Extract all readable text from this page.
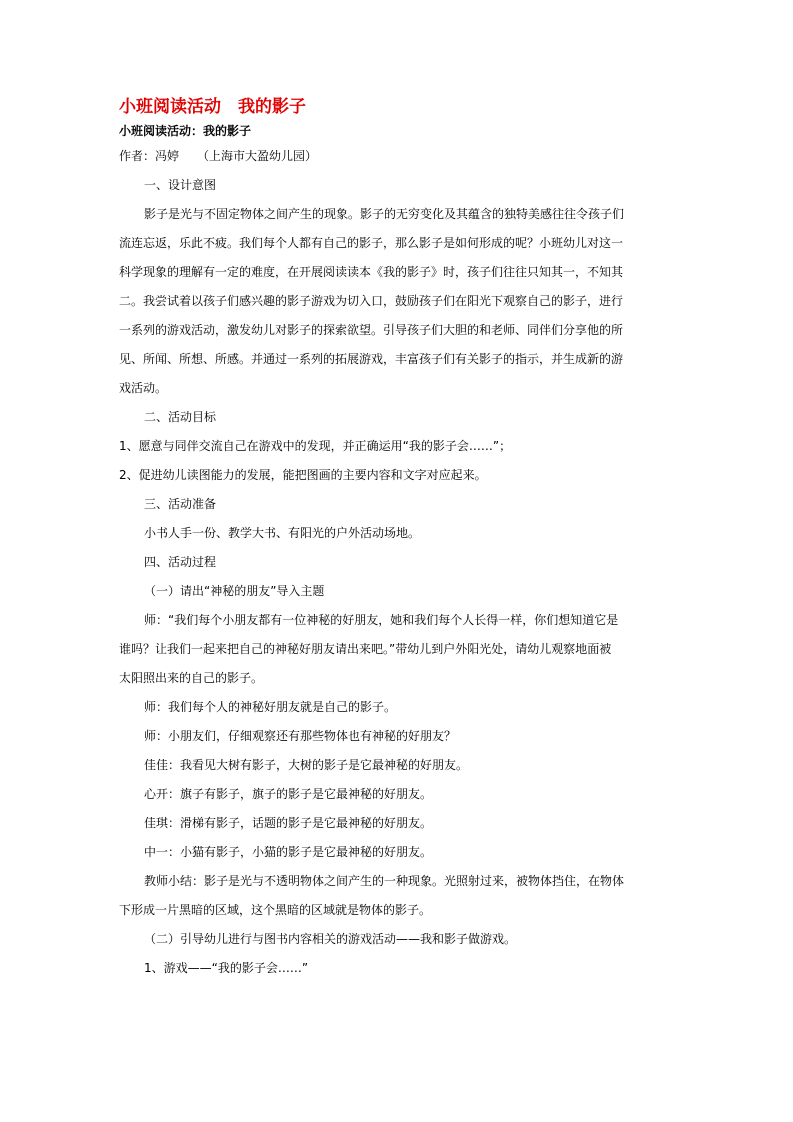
小班阅读活动　我的影子
小班阅读活动：我的影子
作者：冯婷　　（上海市大盈幼儿园）
一、设计意图
影子是光与不固定物体之间产生的现象。影子的无穷变化及其蕴含的独特美感往往令孩子们
流连忘返，乐此不疲。我们每个人都有自己的影子，那么影子是如何形成的呢？小班幼儿对这一
科学现象的理解有一定的难度，在开展阅读读本《我的影子》时，孩子们往往只知其一，不知其
二。我尝试着以孩子们感兴趣的影子游戏为切入口，鼓励孩子们在阳光下观察自己的影子，进行
一系列的游戏活动，激发幼儿对影子的探索欲望。引导孩子们大胆的和老师、同伴们分享他的所
见、所闻、所想、所感。并通过一系列的拓展游戏，丰富孩子们有关影子的指示，并生成新的游
戏活动。
二、活动目标
1、愿意与同伴交流自己在游戏中的发现，并正确运用“我的影子会……”；
2、促进幼儿读图能力的发展，能把图画的主要内容和文字对应起来。
三、活动准备
小书人手一份、教学大书、有阳光的户外活动场地。
四、活动过程
（一）请出“神秘的朋友”导入主题
师：“我们每个小朋友都有一位神秘的好朋友，她和我们每个人长得一样，你们想知道它是
谁吗？让我们一起来把自己的神秘好朋友请出来吧。”带幼儿到户外阳光处，请幼儿观察地面被
太阳照出来的自己的影子。
师：我们每个人的神秘好朋友就是自己的影子。
师：小朋友们，仔细观察还有那些物体也有神秘的好朋友？
佳佳：我看见大树有影子，大树的影子是它最神秘的好朋友。
心开：旗子有影子，旗子的影子是它最神秘的好朋友。
佳琪：滑梯有影子，话题的影子是它最神秘的好朋友。
中一：小猫有影子，小猫的影子是它最神秘的好朋友。
教师小结：影子是光与不透明物体之间产生的一种现象。光照射过来，被物体挡住，在物体
下形成一片黑暗的区域，这个黑暗的区域就是物体的影子。
（二）引导幼儿进行与图书内容相关的游戏活动——我和影子做游戏。
1、游戏——“我的影子会……”
